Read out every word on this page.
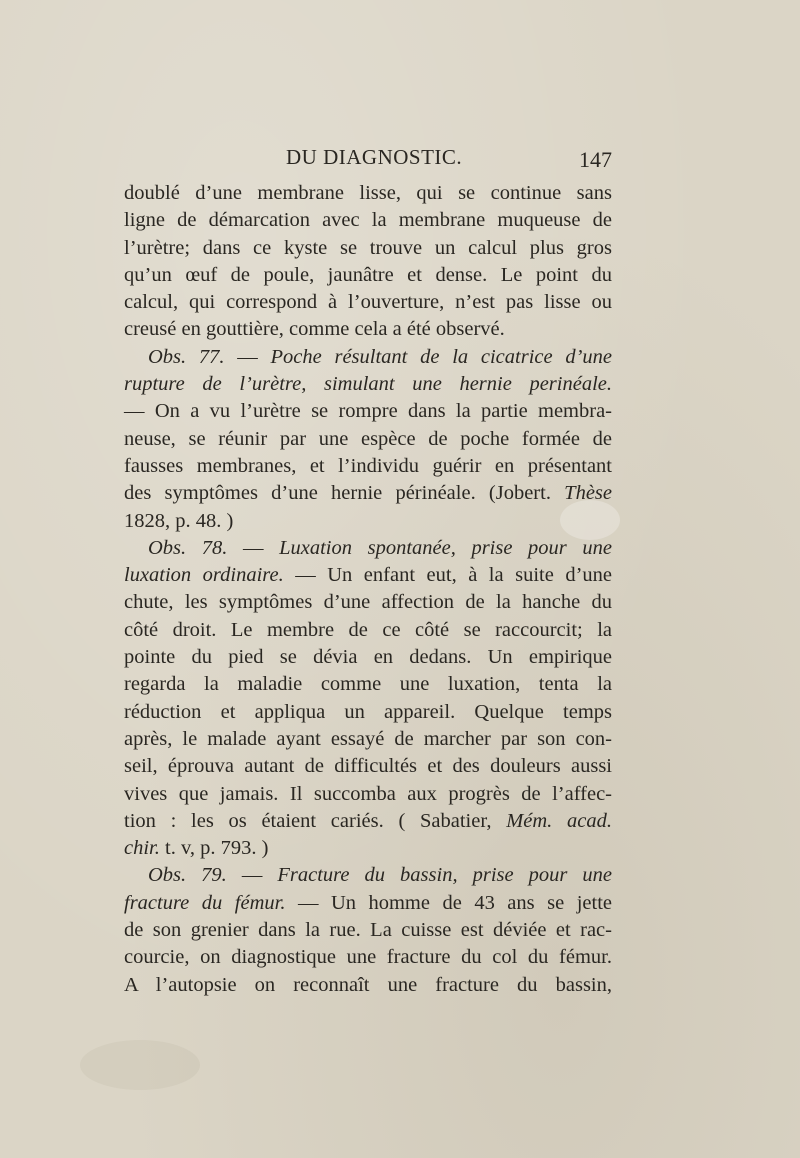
DU DIAGNOSTIC.	147

doublé d’une membrane lisse, qui se continue sans

ligne de démarcation avec la membrane muqueuse de

l’urètre; dans ce kyste se trouve un calcul plus gros

qu’un œuf de poule, jaunâtre et dense. Le point du

calcul, qui correspond à l’ouverture, n’est pas lisse ou

creusé en gouttière, comme cela a été observé.

Obs. 77. — Poche résultant de la cicatrice d’une

rupture de l’urètre, simulant une hernie perinéale.

— On a vu l’urètre se rompre dans la partie membra-

neuse, se réunir par une espèce de poche formée de

fausses membranes, et l’individu guérir en présentant

des symptômes d’une hernie périnéale. (Jobert. Thèse

1828, p. 48. )

Obs. 78. — Luxation spontanée, prise pour une

luxation ordinaire. — Un enfant eut, à la suite d’une

chute, les symptômes d’une affection de la hanche du

côté droit. Le membre de ce côté se raccourcit; la

pointe du pied se dévia en dedans. Un empirique

regarda la maladie comme une luxation, tenta la

réduction et appliqua un appareil. Quelque temps

après, le malade ayant essayé de marcher par son con-

seil, éprouva autant de difficultés et des douleurs aussi

vives que jamais. Il succomba aux progrès de l’affec-

tion : les os étaient cariés. ( Sabatier, Mém. acad.

chir. t. v, p. 793. )

Obs. 79. — Fracture du bassin, prise pour une

fracture du fémur. — Un homme de 43 ans se jette

de son grenier dans la rue. La cuisse est déviée et rac-

courcie, on diagnostique une fracture du col du fémur.

A l’autopsie on reconnaît une fracture du bassin,
